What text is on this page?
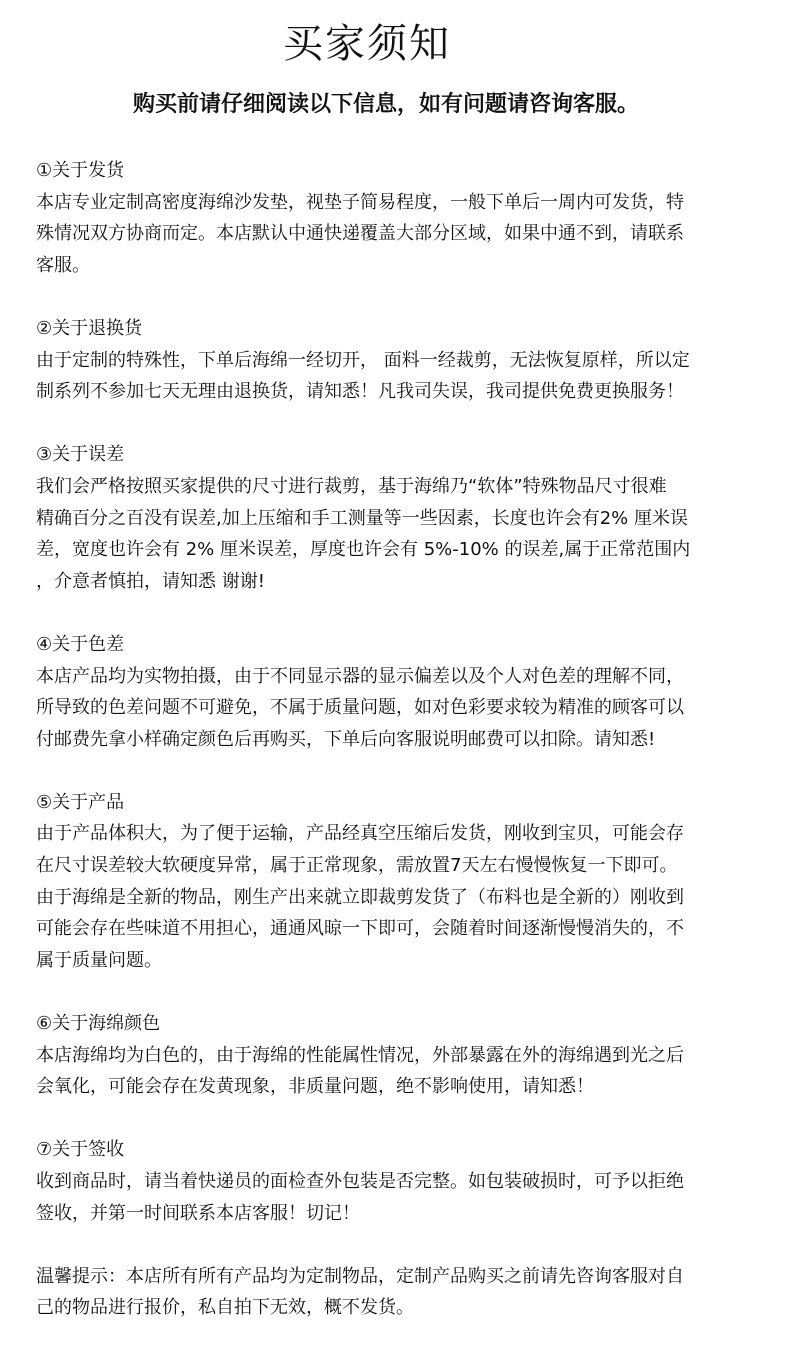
买家须知
购买前请仔细阅读以下信息，如有问题请咨询客服。
①关于发货
本店专业定制高密度海绵沙发垫，视垫子简易程度，一般下单后一周内可发货，特
殊情况双方协商而定。本店默认中通快递覆盖大部分区域，如果中通不到，请联系
客服。
②关于退换货
由于定制的特殊性，下单后海绵一经切开， 面料一经裁剪，无法恢复原样，所以定
制系列不参加七天无理由退换货，请知悉！凡我司失误，我司提供免费更换服务！
③关于误差
我们会严格按照买家提供的尺寸进行裁剪，基于海绵乃“软体”特殊物品尺寸很难
精确百分之百没有误差,加上压缩和手工测量等一些因素，长度也许会有2% 厘米误
差，宽度也许会有 2% 厘米误差，厚度也许会有 5%-10% 的误差,属于正常范围内
，介意者慎拍，请知悉 谢谢!
④关于色差
本店产品均为实物拍摄，由于不同显示器的显示偏差以及个人对色差的理解不同，
所导致的色差问题不可避免，不属于质量问题，如对色彩要求较为精准的顾客可以
付邮费先拿小样确定颜色后再购买，下单后向客服说明邮费可以扣除。请知悉!
⑤关于产品
由于产品体积大，为了便于运输，产品经真空压缩后发货，刚收到宝贝，可能会存
在尺寸误差较大软硬度异常，属于正常现象，需放置7天左右慢慢恢复一下即可。
由于海绵是全新的物品，刚生产出来就立即裁剪发货了（布料也是全新的）刚收到
可能会存在些味道不用担心，通通风晾一下即可，会随着时间逐渐慢慢消失的，不
属于质量问题。
⑥关于海绵颜色
本店海绵均为白色的，由于海绵的性能属性情况，外部暴露在外的海绵遇到光之后
会氧化，可能会存在发黄现象，非质量问题，绝不影响使用，请知悉！
⑦关于签收
收到商品时，请当着快递员的面检查外包装是否完整。如包装破损时，可予以拒绝
签收，并第一时间联系本店客服！切记！
温馨提示：本店所有所有产品均为定制物品，定制产品购买之前请先咨询客服对自
己的物品进行报价，私自拍下无效，概不发货。
